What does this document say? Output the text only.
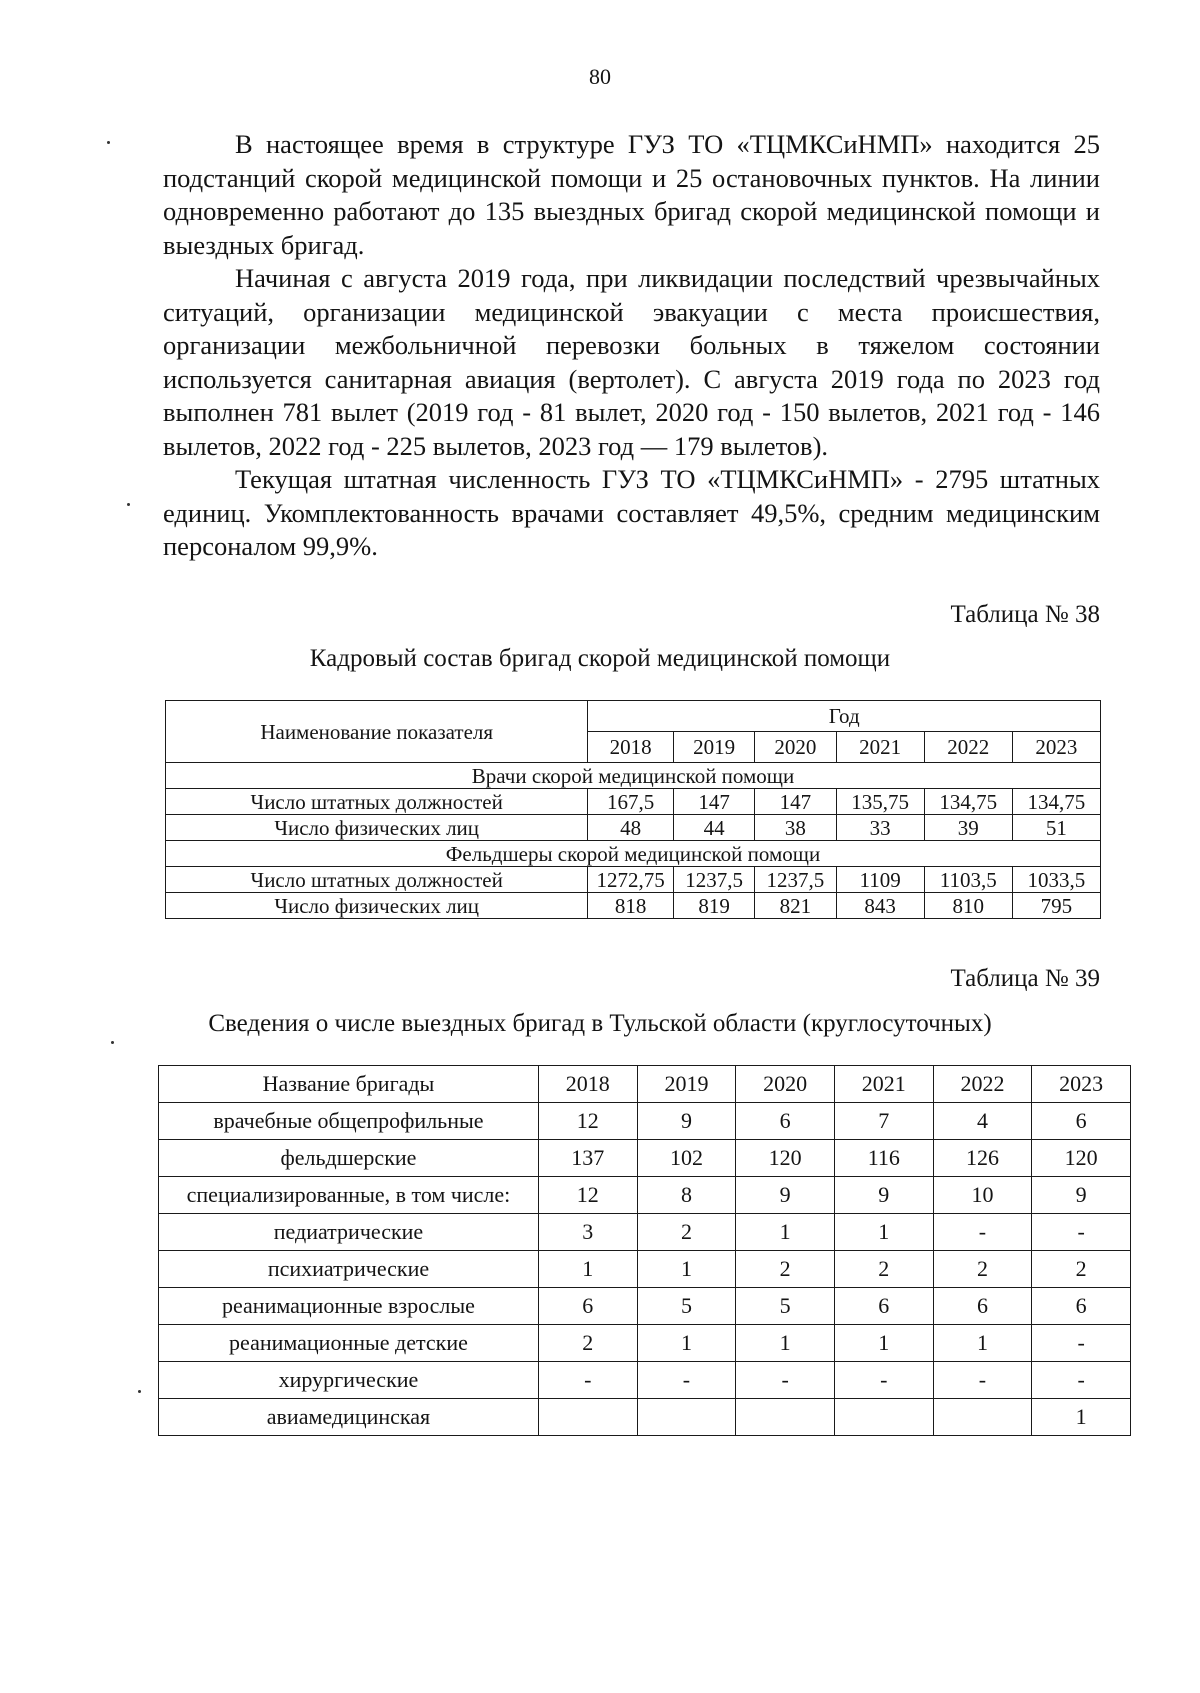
80

В настоящее время в структуре ГУЗ ТО «ТЦМКСиНМП» находится 25 подстанций скорой медицинской помощи и 25 остановочных пунктов. На линии одновременно работают до 135 выездных бригад скорой медицинской помощи и выездных бригад.

Начиная с августа 2019 года, при ликвидации последствий чрезвычайных ситуаций, организации медицинской эвакуации с места происшествия, организации межбольничной перевозки больных в тяжелом состоянии используется санитарная авиация (вертолет). С августа 2019 года по 2023 год выполнен 781 вылет (2019 год - 81 вылет, 2020 год - 150 вылетов, 2021 год - 146 вылетов, 2022 год - 225 вылетов, 2023 год — 179 вылетов).

Текущая штатная численность ГУЗ ТО «ТЦМКСиНМП» - 2795 штатных единиц. Укомплектованность врачами составляет 49,5%, средним медицинским персоналом 99,9%.

Таблица № 38
Кадровый состав бригад скорой медицинской помощи
Наименование показателя	Год					
	2018	2019	2020	2021	2022	2023
Врачи скорой медицинской помощи						
Число штатных должностей	167,5	147	147	135,75	134,75	134,75
Число физических лиц	48	44	38	33	39	51
Фельдшеры скорой медицинской помощи						
Число штатных должностей	1272,75	1237,5	1237,5	1109	1103,5	1033,5
Число физических лиц	818	819	821	843	810	795
Таблица № 39
Сведения о числе выездных бригад в Тульской области (круглосуточных)
Название бригады	2018	2019	2020	2021	2022	2023
врачебные общепрофильные	12	9	6	7	4	6
фельдшерские	137	102	120	116	126	120
специализированные, в том числе:	12	8	9	9	10	9
педиатрические	3	2	1	1	-	-
психиатрические	1	1	2	2	2	2
реанимационные взрослые	6	5	5	6	6	6
реанимационные детские	2	1	1	1	1	-
хирургические	-	-	-	-	-	-
авиамедицинская						1
